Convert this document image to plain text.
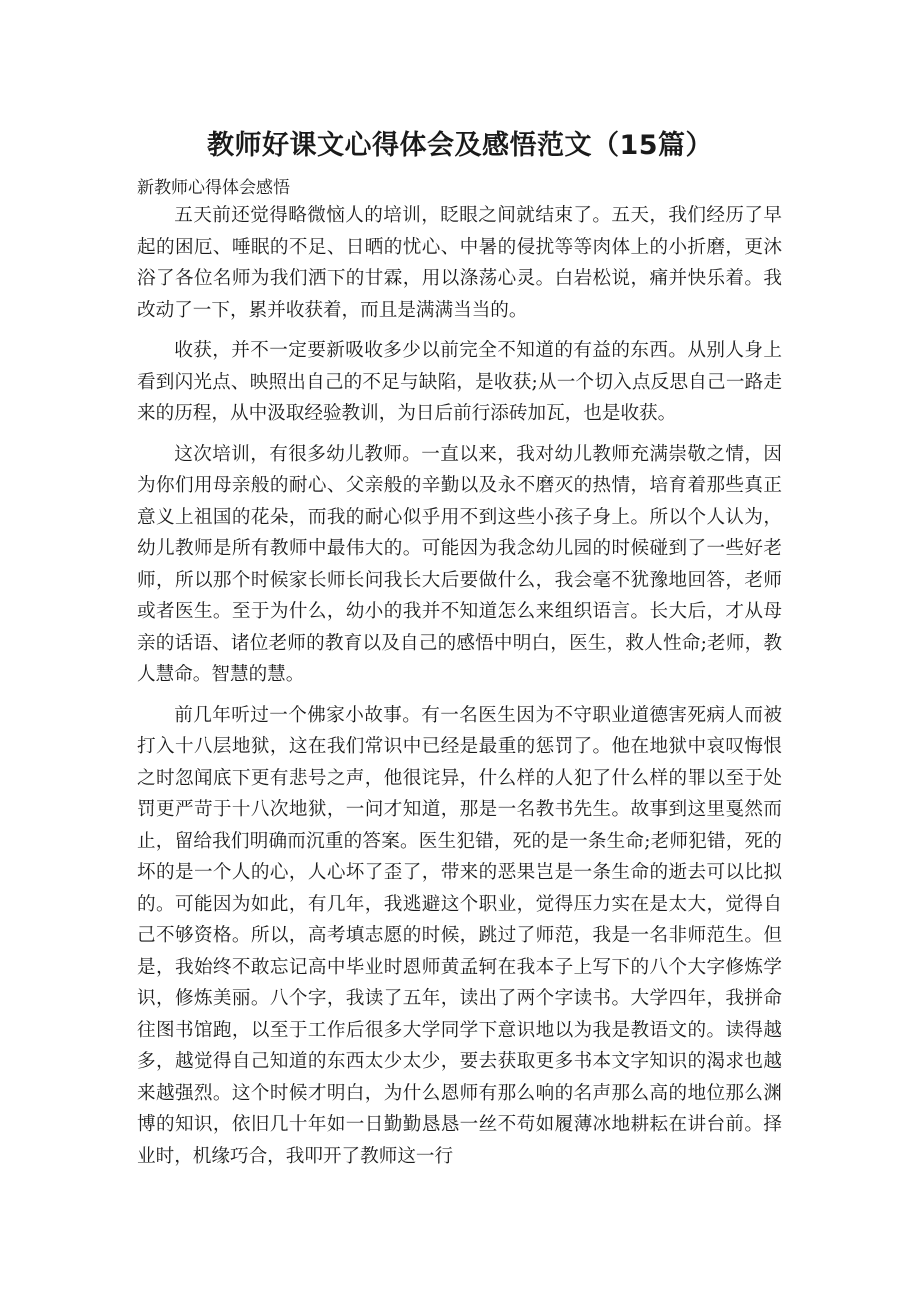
教师好课文心得体会及感悟范文（15篇）
新教师心得体会感悟

五天前还觉得略微恼人的培训，眨眼之间就结束了。五天，我们经历了早起的困厄、唾眠的不足、日晒的忧心、中暑的侵扰等等肉体上的小折磨，更沐浴了各位名师为我们洒下的甘霖，用以涤荡心灵。白岩松说，痛并快乐着。我改动了一下，累并收获着，而且是满满当当的。

收获，并不一定要新吸收多少以前完全不知道的有益的东西。从别人身上看到闪光点、映照出自己的不足与缺陷，是收获;从一个切入点反思自己一路走来的历程，从中汲取经验教训，为日后前行添砖加瓦，也是收获。

这次培训，有很多幼儿教师。一直以来，我对幼儿教师充满崇敬之情，因为你们用母亲般的耐心、父亲般的辛勤以及永不磨灭的热情，培育着那些真正意义上祖国的花朵，而我的耐心似乎用不到这些小孩子身上。所以个人认为，幼儿教师是所有教师中最伟大的。可能因为我念幼儿园的时候碰到了一些好老师，所以那个时候家长师长问我长大后要做什么，我会毫不犹豫地回答，老师或者医生。至于为什么，幼小的我并不知道怎么来组织语言。长大后，才从母亲的话语、诸位老师的教育以及自己的感悟中明白，医生，救人性命;老师，教人慧命。智慧的慧。

前几年听过一个佛家小故事。有一名医生因为不守职业道德害死病人而被打入十八层地狱，这在我们常识中已经是最重的惩罚了。他在地狱中哀叹悔恨之时忽闻底下更有悲号之声，他很诧异，什么样的人犯了什么样的罪以至于处罚更严苛于十八次地狱，一问才知道，那是一名教书先生。故事到这里戛然而止，留给我们明确而沉重的答案。医生犯错，死的是一条生命;老师犯错，死的坏的是一个人的心，人心坏了歪了，带来的恶果岂是一条生命的逝去可以比拟的。可能因为如此，有几年，我逃避这个职业，觉得压力实在是太大，觉得自己不够资格。所以，高考填志愿的时候，跳过了师范，我是一名非师范生。但是，我始终不敢忘记高中毕业时恩师黄孟轲在我本子上写下的八个大字修炼学识，修炼美丽。八个字，我读了五年，读出了两个字读书。大学四年，我拼命往图书馆跑，以至于工作后很多大学同学下意识地以为我是教语文的。读得越多，越觉得自己知道的东西太少太少，要去获取更多书本文字知识的渴求也越来越强烈。这个时候才明白，为什么恩师有那么响的名声那么高的地位那么渊博的知识，依旧几十年如一日勤勤恳恳一丝不苟如履薄冰地耕耘在讲台前。择业时，机缘巧合，我叩开了教师这一行
